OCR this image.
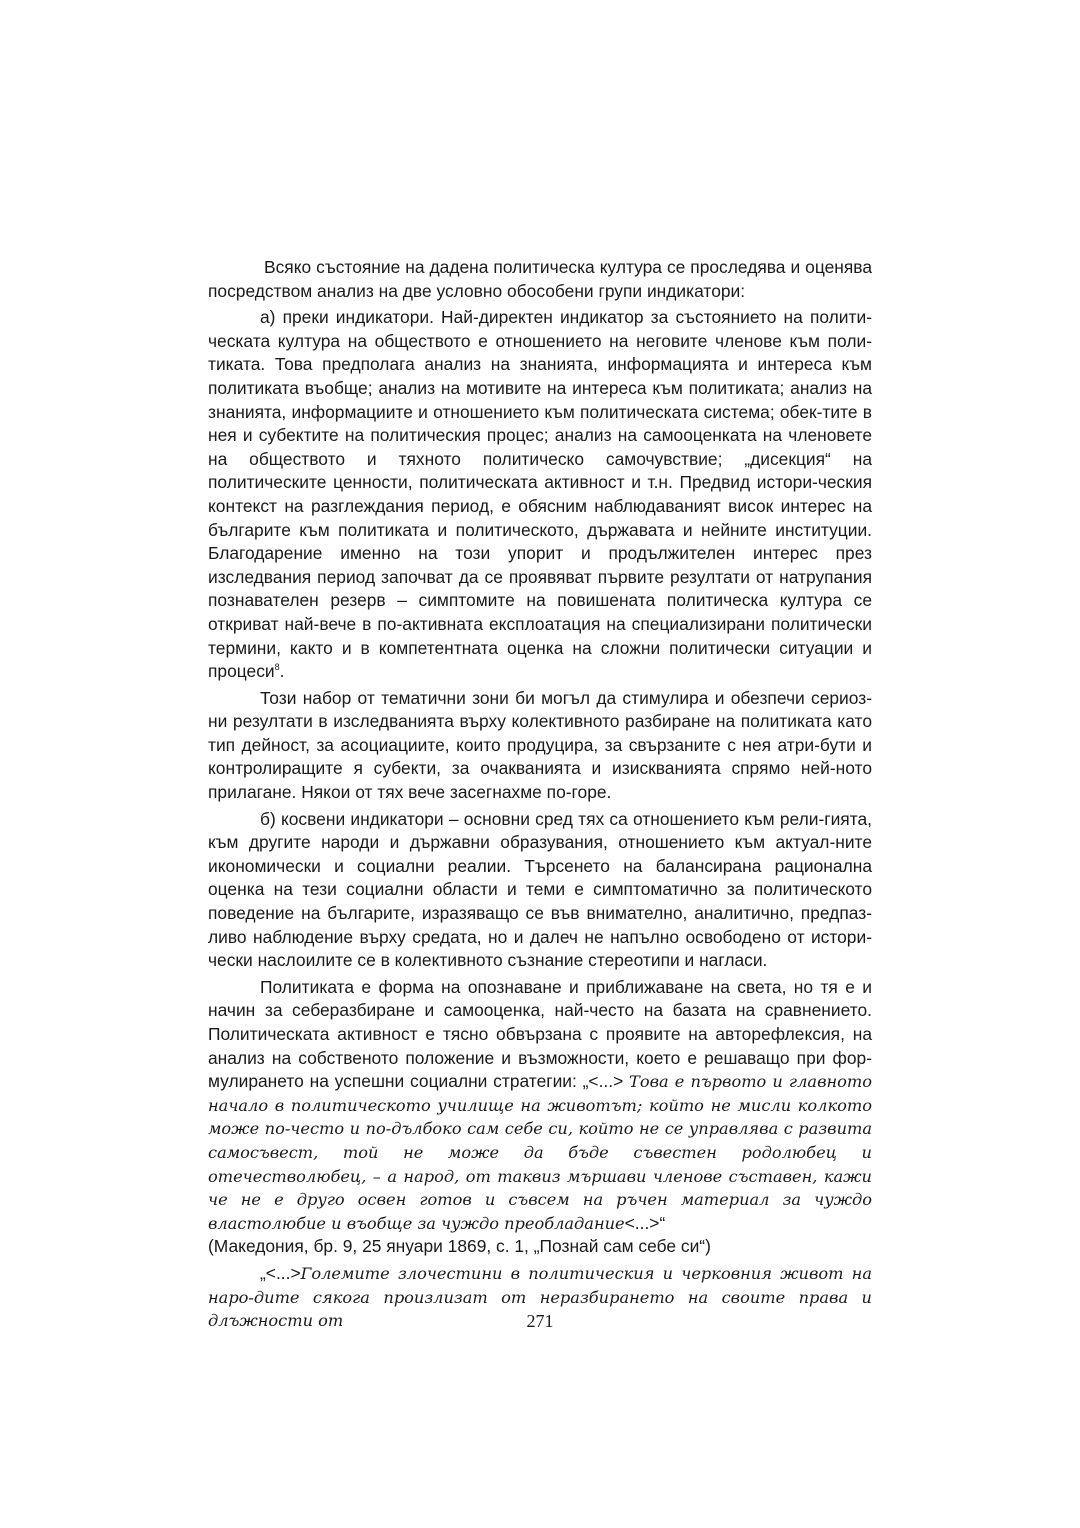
Всяко състояние на дадена политическа култура се проследява и оценява посредством анализ на две условно обособени групи индикатори:

а) преки индикатори. Най-директен индикатор за състоянието на полити-ческата култура на обществото е отношението на неговите членове към поли-тиката. Това предполага анализ на знанията, информацията и интереса към политиката въобще; анализ на мотивите на интереса към политиката; анализ на знанията, информациите и отношението към политическата система; обек-тите в нея и субектите на политическия процес; анализ на самооценката на членовете на обществото и тяхното политическо самочувствие; „дисекция“ на политическите ценности, политическата активност и т.н. Предвид истори-ческия контекст на разглеждания период, е обясним наблюдаваният висок интерес на българите към политиката и политическото, държавата и нейните институции. Благодарение именно на този упорит и продължителен интерес през изследвания период започват да се проявяват първите резултати от натрупания познавателен резерв – симптомите на повишената политическа култура се откриват най-вече в по-активната експлоатация на специализирани политически термини, както и в компетентната оценка на сложни политически ситуации и процеси$^8$.

Този набор от тематични зони би могъл да стимулира и обезпечи сериоз-ни резултати в изследванията върху колективното разбиране на политиката като тип дейност, за асоциациите, които продуцира, за свързаните с нея атри-бути и контролиращите я субекти, за очакванията и изискванията спрямо ней-ното прилагане. Някои от тях вече засегнахме по-горе.

б) косвени индикатори – основни сред тях са отношението към рели-гията, към другите народи и държавни образувания, отношението към актуал-ните икономически и социални реалии. Търсенето на балансирана рационална оценка на тези социални области и теми е симптоматично за политическото поведение на българите, изразяващо се във внимателно, аналитично, предпаз-ливо наблюдение върху средата, но и далеч не напълно освободено от истори-чески наслоилите се в колективното съзнание стереотипи и нагласи.

Политиката е форма на опознаване и приближаване на света, но тя е и начин за себеразбиране и самооценка, най-често на базата на сравнението. Политическата активност е тясно обвързана с проявите на авторефлексия, на анализ на собственото положение и възможности, което е решаващо при фор-мулирането на успешни социални стратегии: „<...> Това е първото и главното начало в политическото училище на животът; който не мисли колкото може по-често и по-дълбоко сам себе си, който не се управлява с развита самосъвест, той не може да бъде съвестен родолюбец и отечестволюбец, – а народ, от таквиз мършави членове съставен, кажи че не е друго освен готов и съвсем на ръчен материал за чуждо властолюбие и въобще за чуждо преобладание<...>“
(Македония, бр. 9, 25 януари 1869, с. 1, „Познай сам себе си“)

„<...>Големите злочестини в политическия и черковния живот на наро-дите сякога произлизат от неразбирането на своите права и длъжности от	271
